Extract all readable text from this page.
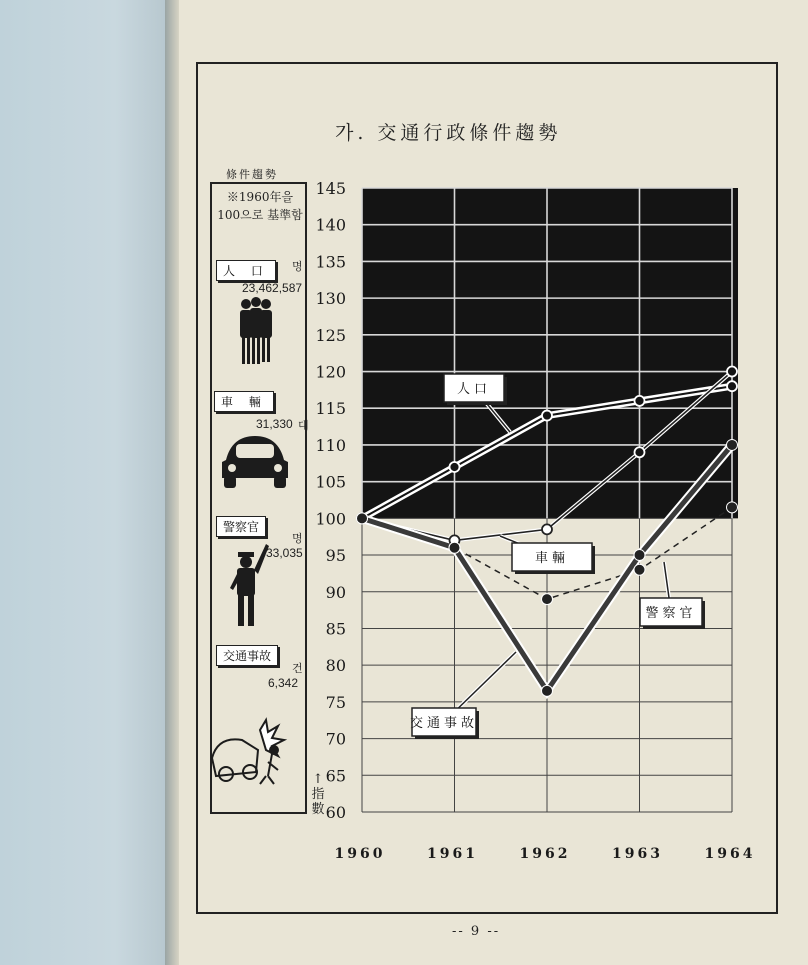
가. 交通行政條件趨勢
條件趨勢
※1960年을 100으로 基準함
人 口	명
23,462,587
車 輛
31,330 대
警察官
명
33,035
交通事故
건
6,342
↑指數 60
65
70
75
80
85
90
95
100
105
110
115
120
125
130
135
140
145
1960	1961	1962	1963	1964
人口
車輛
警察官
交通事故
-- 9 --
